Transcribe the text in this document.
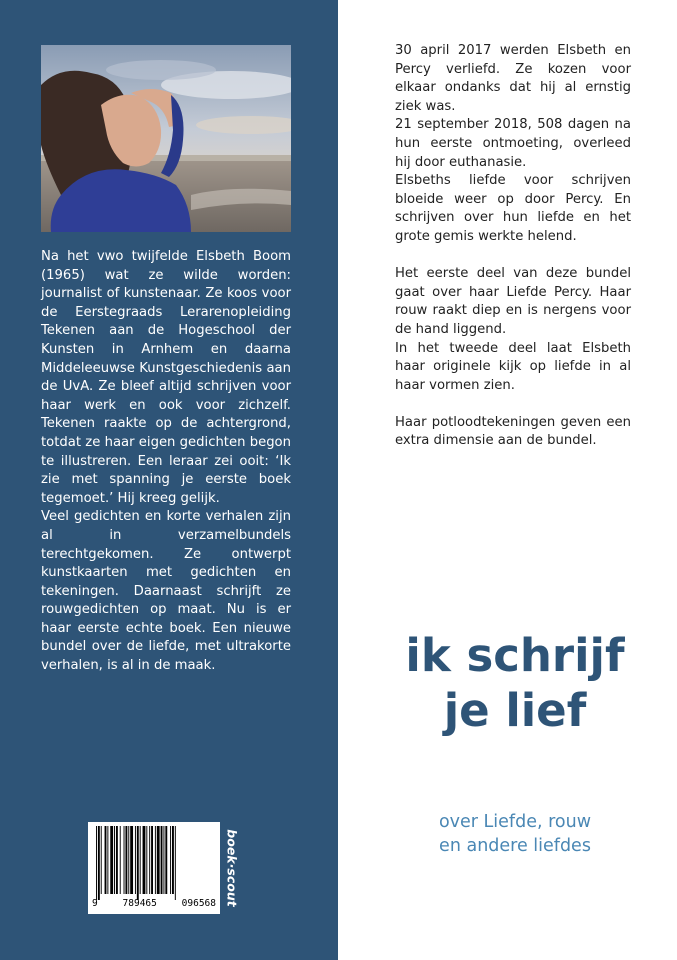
Na het vwo twijfelde Elsbeth Boom (1965) wat ze wilde worden: journalist of kunstenaar. Ze koos voor de Eerstegraads Lerarenopleiding Tekenen aan de Hogeschool der Kunsten in Arnhem en daarna Middeleeuwse Kunstgeschiedenis aan de UvA. Ze bleef altijd schrijven voor haar werk en ook voor zichzelf. Tekenen raakte op de achtergrond, totdat ze haar eigen gedichten begon te illustreren. Een leraar zei ooit: ‘Ik zie met spanning je eerste boek tegemoet.’ Hij kreeg gelijk.

Veel gedichten en korte verhalen zijn al in verzamelbundels terechtgekomen. Ze ontwerpt kunstkaarten met gedichten en tekeningen. Daarnaast schrijft ze rouwgedichten op maat. Nu is er haar eerste echte boek. Een nieuwe bundel over de liefde, met ultrakorte verhalen, is al in de maak.

9	789465	096568 boek·scout

30 april 2017 werden Elsbeth en Percy verliefd. Ze kozen voor elkaar ondanks dat hij al ernstig ziek was.

21 september 2018, 508 dagen na hun eerste ontmoeting, overleed hij door euthanasie.

Elsbeths liefde voor schrijven bloeide weer op door Percy. En schrijven over hun liefde en het grote gemis werkte helend.

Het eerste deel van deze bundel gaat over haar Liefde Percy. Haar rouw raakt diep en is nergens voor de hand liggend.

In het tweede deel laat Elsbeth haar originele kijk op liefde in al haar vormen zien.

Haar potloodtekeningen geven een extra dimensie aan de bundel.

ik schrijf
je lief
over Liefde, rouw
en andere liefdes
